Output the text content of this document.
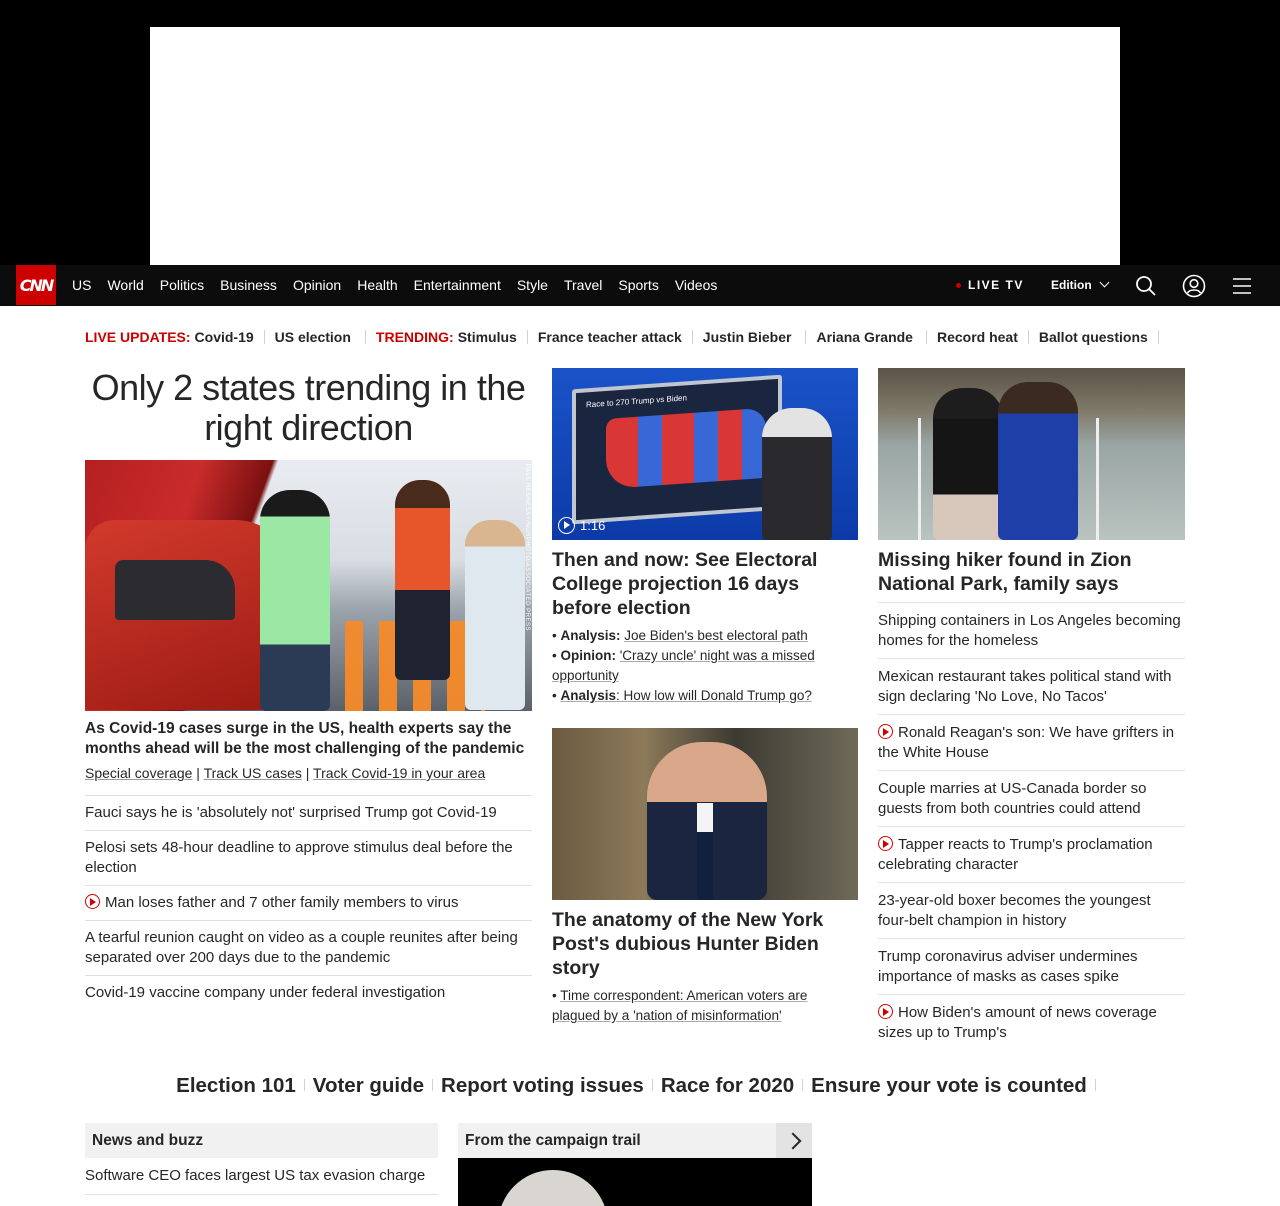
CNN	US	World	Politics	Business	Opinion	Health	Entertainment	Style	Travel	Sports	Videos	LIVE TV Edition
LIVE UPDATES: Covid-19 US election TRENDING: Stimulus France teacher attack Justin Bieber Ariana Grande Record heat Ballot questions
Only 2 states trending in the right direction
PAUL HENNESSY/NURPHOTO/ASSOCIATED PRESS
As Covid-19 cases surge in the US, health experts say the months ahead will be the most challenging of the pandemic
Special coverage | Track US cases | Track Covid-19 in your area
Fauci says he is 'absolutely not' surprised Trump got Covid-19
Pelosi sets 48-hour deadline to approve stimulus deal before the election
Man loses father and 7 other family members to virus
A tearful reunion caught on video as a couple reunites after being separated over 200 days due to the pandemic
Covid-19 vaccine company under federal investigation
Race to 270 Trump vs Biden
1:16
Then and now: See Electoral College projection 16 days before election
• Analysis: Joe Biden's best electoral path
• Opinion: 'Crazy uncle' night was a missed opportunity
• Analysis: How low will Donald Trump go?
The anatomy of the New York Post's dubious Hunter Biden story
• Time correspondent: American voters are plagued by a 'nation of misinformation'
Missing hiker found in Zion National Park, family says
Shipping containers in Los Angeles becoming homes for the homeless
Mexican restaurant takes political stand with sign declaring 'No Love, No Tacos'
Ronald Reagan's son: We have grifters in the White House
Couple marries at US-Canada border so guests from both countries could attend
Tapper reacts to Trump's proclamation celebrating character
23-year-old boxer becomes the youngest four-belt champion in history
Trump coronavirus adviser undermines importance of masks as cases spike
How Biden's amount of news coverage sizes up to Trump's
Election 101 Voter guide Report voting issues Race for 2020 Ensure your vote is counted
News and buzz
Software CEO faces largest US tax evasion charge
From the campaign trail
